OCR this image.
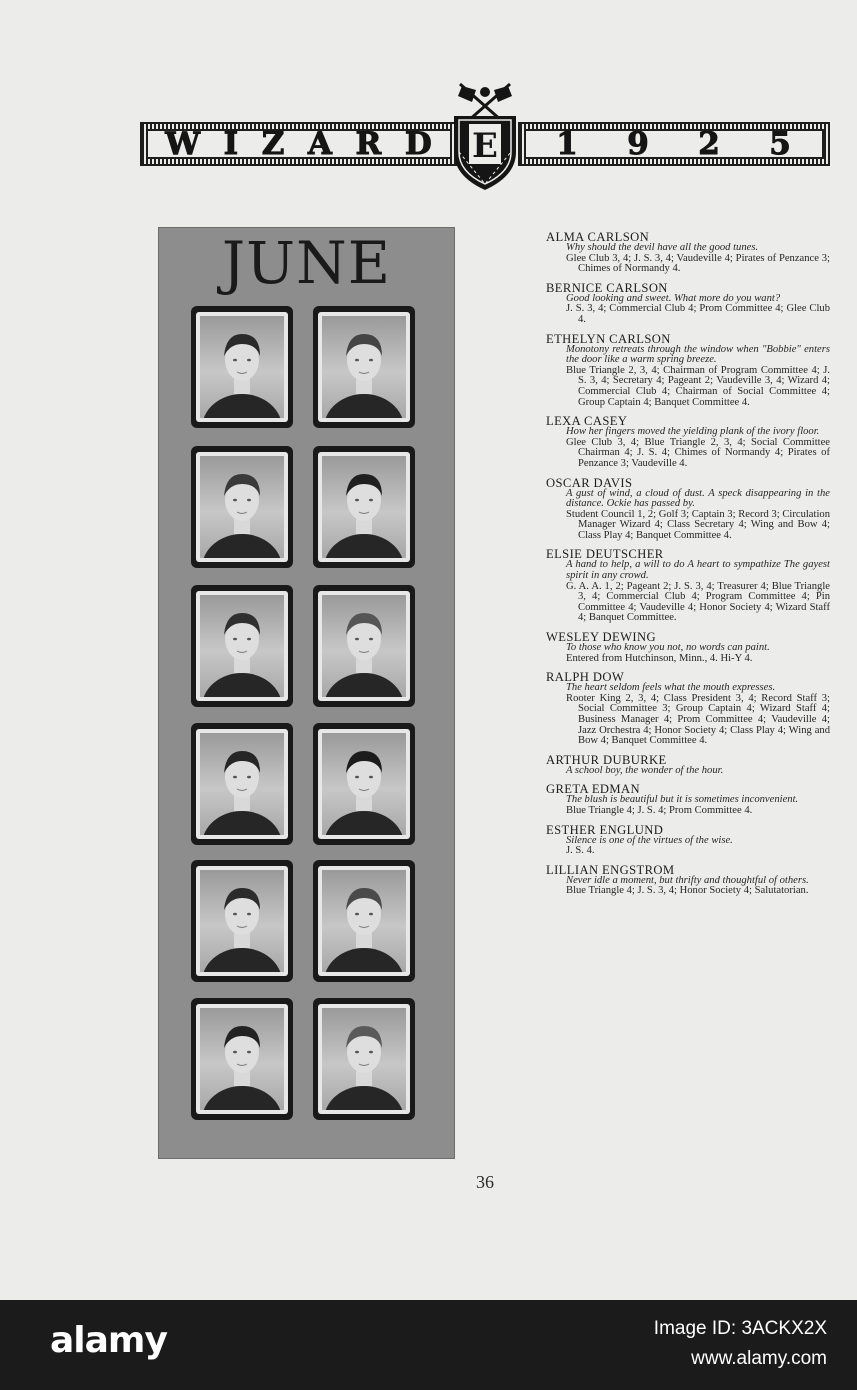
W I Z A R D	1 9 2 5
E
JUNE	ALMA CARLSON
Why should the devil have all the good tunes.
Glee Club 3, 4; J. S. 3, 4; Vaudeville 4; Pirates of Penzance 3; Chimes of Normandy 4.
BERNICE CARLSON
Good looking and sweet. What more do you want?
J. S. 3, 4; Commercial Club 4; Prom Committee 4; Glee Club 4.
ETHELYN CARLSON
Monotony retreats through the window when "Bobbie" enters the door like a warm spring breeze.
Blue Triangle 2, 3, 4; Chairman of Program Committee 4; J. S. 3, 4; Secretary 4; Pageant 2; Vaudeville 3, 4; Wizard 4; Commercial Club 4; Chairman of Social Committee 4; Group Captain 4; Banquet Committee 4.
LEXA CASEY
How her fingers moved the yielding plank of the ivory floor.
Glee Club 3, 4; Blue Triangle 2, 3, 4; Social Committee Chairman 4; J. S. 4; Chimes of Normandy 4; Pirates of Penzance 3; Vaudeville 4.
OSCAR DAVIS
A gust of wind, a cloud of dust. A speck disappearing in the distance. Ockie has passed by.
Student Council 1, 2; Golf 3; Captain 3; Record 3; Circulation Manager Wizard 4; Class Secretary 4; Wing and Bow 4; Class Play 4; Banquet Committee 4.
ELSIE DEUTSCHER
A hand to help, a will to do A heart to sympathize The gayest spirit in any crowd.
G. A. A. 1, 2; Pageant 2; J. S. 3, 4; Treasurer 4; Blue Triangle 3, 4; Commercial Club 4; Program Committee 4; Pin Committee 4; Vaudeville 4; Honor Society 4; Wizard Staff 4; Banquet Committee.
WESLEY DEWING
To those who know you not, no words can paint.
Entered from Hutchinson, Minn., 4. Hi-Y 4.
RALPH DOW
The heart seldom feels what the mouth expresses.
Rooter King 2, 3, 4; Class President 3, 4; Record Staff 3; Social Committee 3; Group Captain 4; Wizard Staff 4; Business Manager 4; Prom Committee 4; Vaudeville 4; Jazz Orchestra 4; Honor Society 4; Class Play 4; Wing and Bow 4; Banquet Committee 4.
ARTHUR DUBURKE
A school boy, the wonder of the hour.
GRETA EDMAN
The blush is beautiful but it is sometimes inconvenient.
Blue Triangle 4; J. S. 4; Prom Committee 4.
ESTHER ENGLUND
Silence is one of the virtues of the wise.
J. S. 4.
LILLIAN ENGSTROM
Never idle a moment, but thrifty and thoughtful of others.
Blue Triangle 4; J. S. 3, 4; Honor Society 4; Salutatorian.
36
alamy	Image ID: 3ACKX2X
www.alamy.com
